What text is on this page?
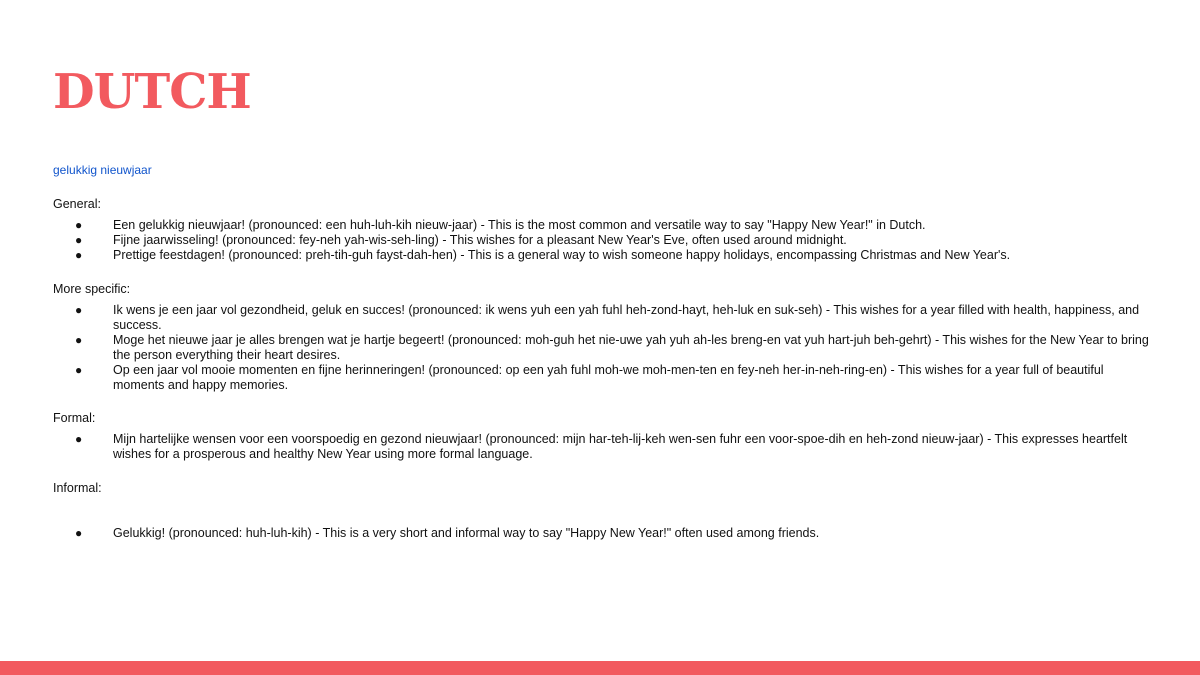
DUTCH

gelukkig nieuwjaar

General:

● Een gelukkig nieuwjaar! (pronounced: een huh-luh-kih nieuw-jaar) - This is the most common and versatile way to say "Happy New Year!" in Dutch.
● Fijne jaarwisseling! (pronounced: fey-neh yah-wis-seh-ling) - This wishes for a pleasant New Year's Eve, often used around midnight.
● Prettige feestdagen! (pronounced: preh-tih-guh fayst-dah-hen) - This is a general way to wish someone happy holidays, encompassing Christmas and New Year's.

More specific:

● Ik wens je een jaar vol gezondheid, geluk en succes! (pronounced: ik wens yuh een yah fuhl heh-zond-hayt, heh-luk en suk-seh) - This wishes for a year filled with health, happiness, and success.
● Moge het nieuwe jaar je alles brengen wat je hartje begeert! (pronounced: moh-guh het nie-uwe yah yuh ah-les breng-en vat yuh hart-juh beh-gehrt) - This wishes for the New Year to bring the person everything their heart desires.
● Op een jaar vol mooie momenten en fijne herinneringen! (pronounced: op een yah fuhl moh-we moh-men-ten en fey-neh her-in-neh-ring-en) - This wishes for a year full of beautiful moments and happy memories.

Formal:

● Mijn hartelijke wensen voor een voorspoedig en gezond nieuwjaar! (pronounced: mijn har-teh-lij-keh wen-sen fuhr een voor-spoe-dih en heh-zond nieuw-jaar) - This expresses heartfelt wishes for a prosperous and healthy New Year using more formal language.

Informal:

● Gelukkig! (pronounced: huh-luh-kih) - This is a very short and informal way to say "Happy New Year!" often used among friends.
